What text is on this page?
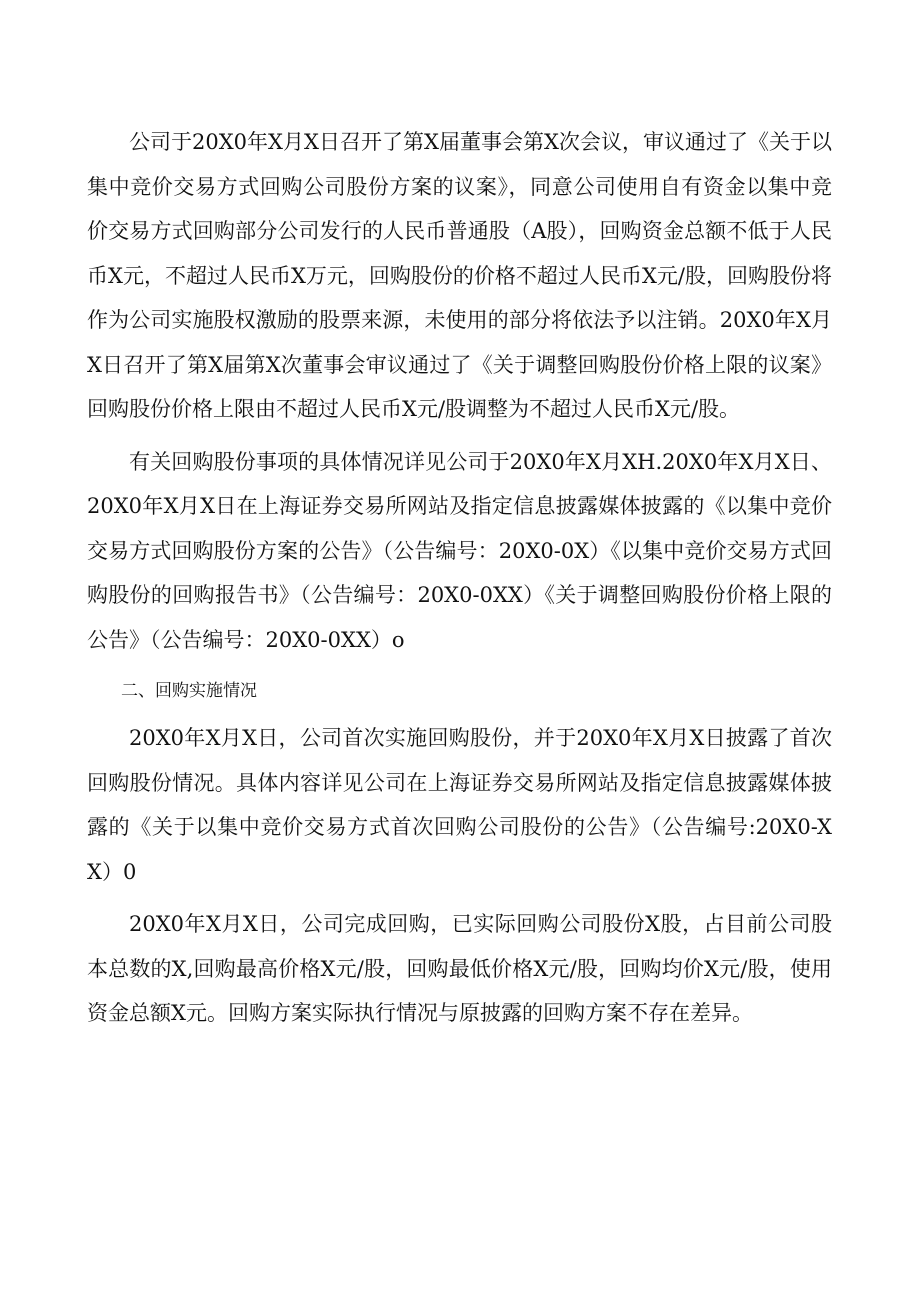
公司于20X0年X月X日召开了第X届董事会第X次会议，审议通过了《关于以集中竞价交易方式回购公司股份方案的议案》，同意公司使用自有资金以集中竞价交易方式回购部分公司发行的人民币普通股（A股），回购资金总额不低于人民币X元，不超过人民币X万元，回购股份的价格不超过人民币X元/股，回购股份将作为公司实施股权激励的股票来源，未使用的部分将依法予以注销。20X0年X月X日召开了第X届第X次董事会审议通过了《关于调整回购股份价格上限的议案》回购股份价格上限由不超过人民币X元/股调整为不超过人民币X元/股。

有关回购股份事项的具体情况详见公司于20X0年X月XH.20X0年X月X日、20X0年X月X日在上海证券交易所网站及指定信息披露媒体披露的《以集中竞价交易方式回购股份方案的公告》（公告编号：20X0-0X）《以集中竞价交易方式回购股份的回购报告书》（公告编号：20X0-0XX）《关于调整回购股份价格上限的公告》（公告编号：20X0-0XX）o

二、回购实施情况

20X0年X月X日，公司首次实施回购股份，并于20X0年X月X日披露了首次回购股份情况。具体内容详见公司在上海证券交易所网站及指定信息披露媒体披露的《关于以集中竞价交易方式首次回购公司股份的公告》（公告编号:20X0-XX）0

20X0年X月X日，公司完成回购，已实际回购公司股份X股，占目前公司股本总数的X,回购最高价格X元/股，回购最低价格X元/股，回购均价X元/股，使用资金总额X元。回购方案实际执行情况与原披露的回购方案不存在差异。
